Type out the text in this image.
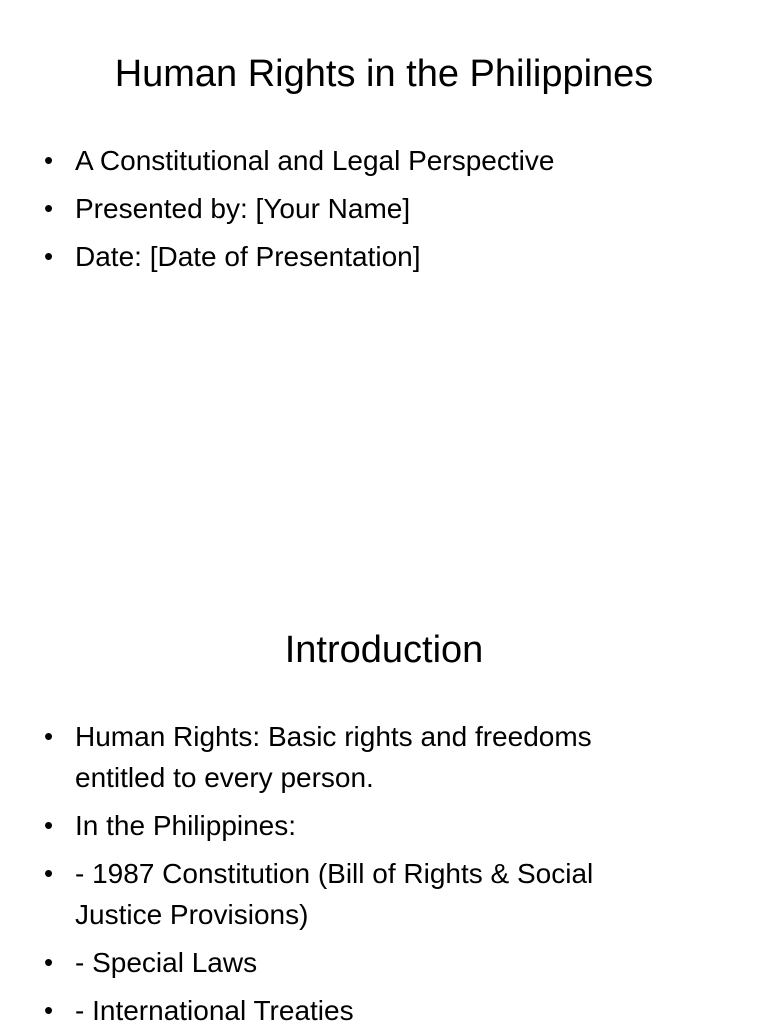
Human Rights in the Philippines
• A Constitutional and Legal Perspective
• Presented by: [Your Name]
• Date: [Date of Presentation]
Introduction
• Human Rights: Basic rights and freedoms entitled to every person.
• In the Philippines:
• - 1987 Constitution (Bill of Rights & Social Justice Provisions)
• - Special Laws
• - International Treaties
